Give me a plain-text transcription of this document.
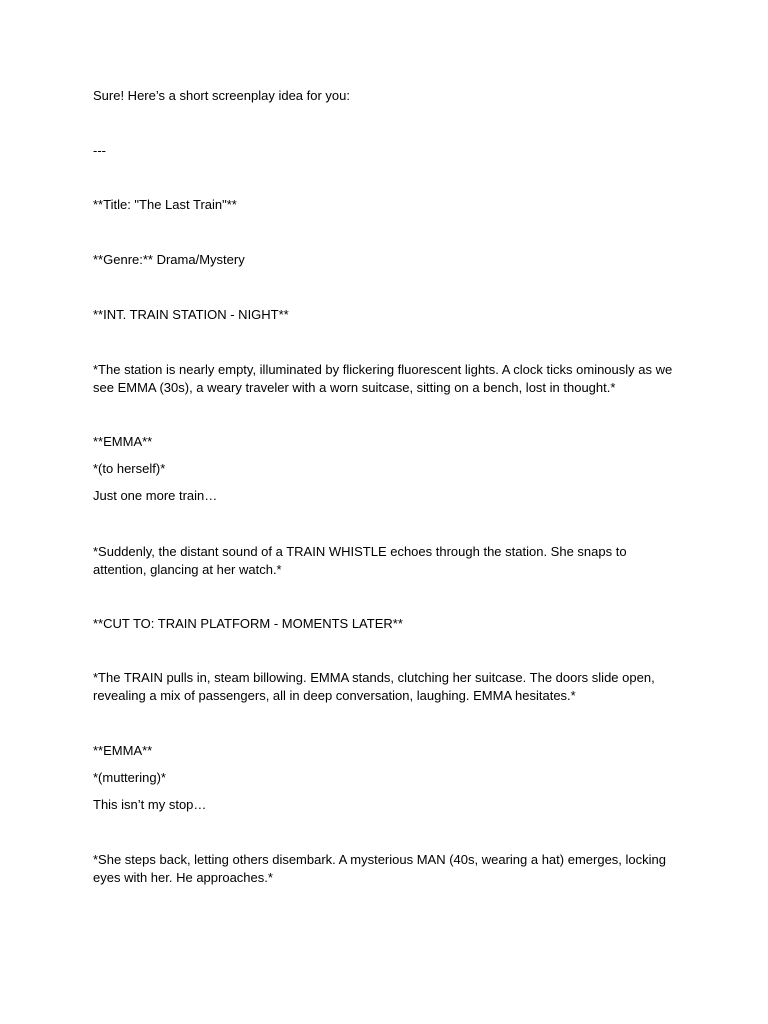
Sure! Here’s a short screenplay idea for you:

---

**Title: "The Last Train"**

**Genre:** Drama/Mystery

**INT. TRAIN STATION - NIGHT**

*The station is nearly empty, illuminated by flickering fluorescent lights. A clock ticks ominously as we see EMMA (30s), a weary traveler with a worn suitcase, sitting on a bench, lost in thought.*

**EMMA**

*(to herself)*

Just one more train…

*Suddenly, the distant sound of a TRAIN WHISTLE echoes through the station. She snaps to attention, glancing at her watch.*

**CUT TO: TRAIN PLATFORM - MOMENTS LATER**

*The TRAIN pulls in, steam billowing. EMMA stands, clutching her suitcase. The doors slide open, revealing a mix of passengers, all in deep conversation, laughing. EMMA hesitates.*

**EMMA**

*(muttering)*

This isn’t my stop…

*She steps back, letting others disembark. A mysterious MAN (40s, wearing a hat) emerges, locking eyes with her. He approaches.*
